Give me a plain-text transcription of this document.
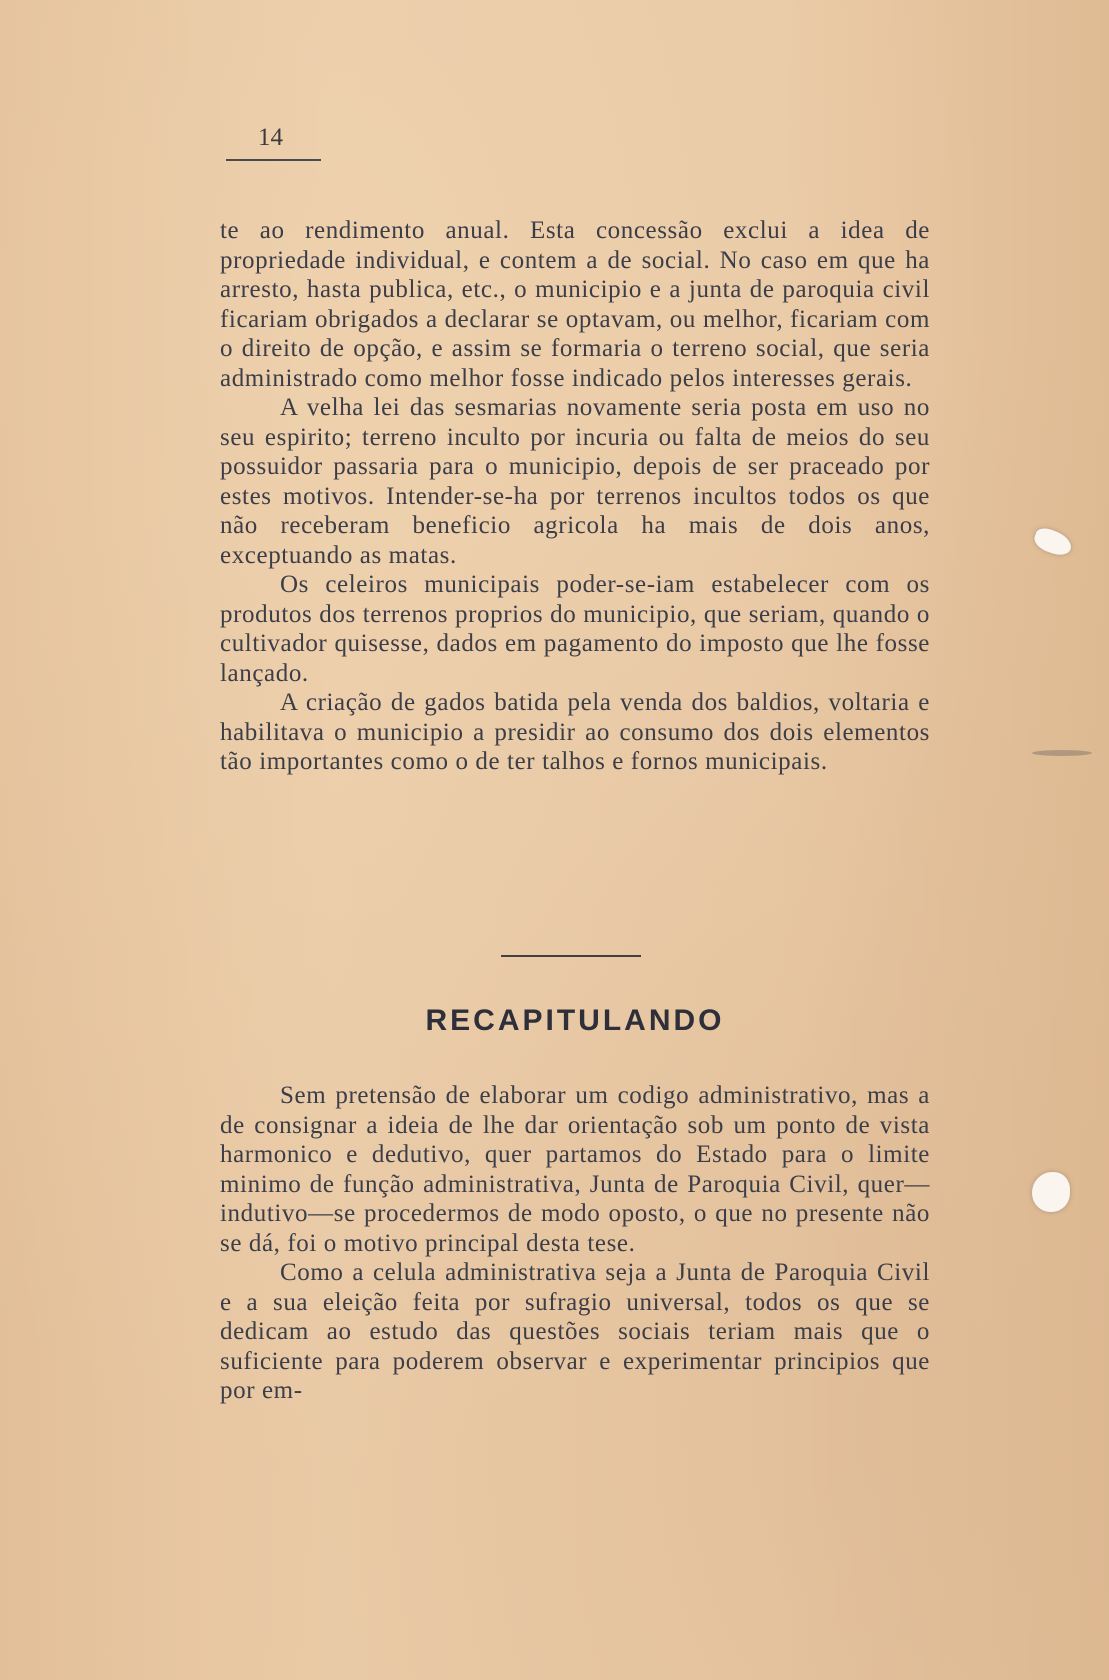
14

te ao rendimento anual. Esta concessão exclui a idea de propriedade individual, e contem a de social. No caso em que ha arresto, hasta publica, etc., o municipio e a junta de paroquia civil ficariam obrigados a declarar se optavam, ou melhor, ficariam com o direito de opção, e assim se formaria o terreno social, que seria administrado como melhor fosse indicado pelos interesses gerais.

A velha lei das sesmarias novamente seria posta em uso no seu espirito; terreno inculto por incuria ou falta de meios do seu possuidor passaria para o municipio, depois de ser praceado por estes motivos. Intender-se-ha por terrenos incultos todos os que não receberam beneficio agricola ha mais de dois anos, exceptuando as matas.

Os celeiros municipais poder-se-iam estabelecer com os produtos dos terrenos proprios do municipio, que seriam, quando o cultivador quisesse, dados em pagamento do imposto que lhe fosse lançado.

A criação de gados batida pela venda dos baldios, voltaria e habilitava o municipio a presidir ao consumo dos dois elementos tão importantes como o de ter talhos e fornos municipais.

RECAPITULANDO

Sem pretensão de elaborar um codigo administrativo, mas a de consignar a ideia de lhe dar orientação sob um ponto de vista harmonico e dedutivo, quer partamos do Estado para o limite minimo de função administrativa, Junta de Paroquia Civil, quer—indutivo—se procedermos de modo oposto, o que no presente não se dá, foi o motivo principal desta tese.

Como a celula administrativa seja a Junta de Paroquia Civil e a sua eleição feita por sufragio universal, todos os que se dedicam ao estudo das questões sociais teriam mais que o suficiente para poderem observar e experimentar principios que por em-
